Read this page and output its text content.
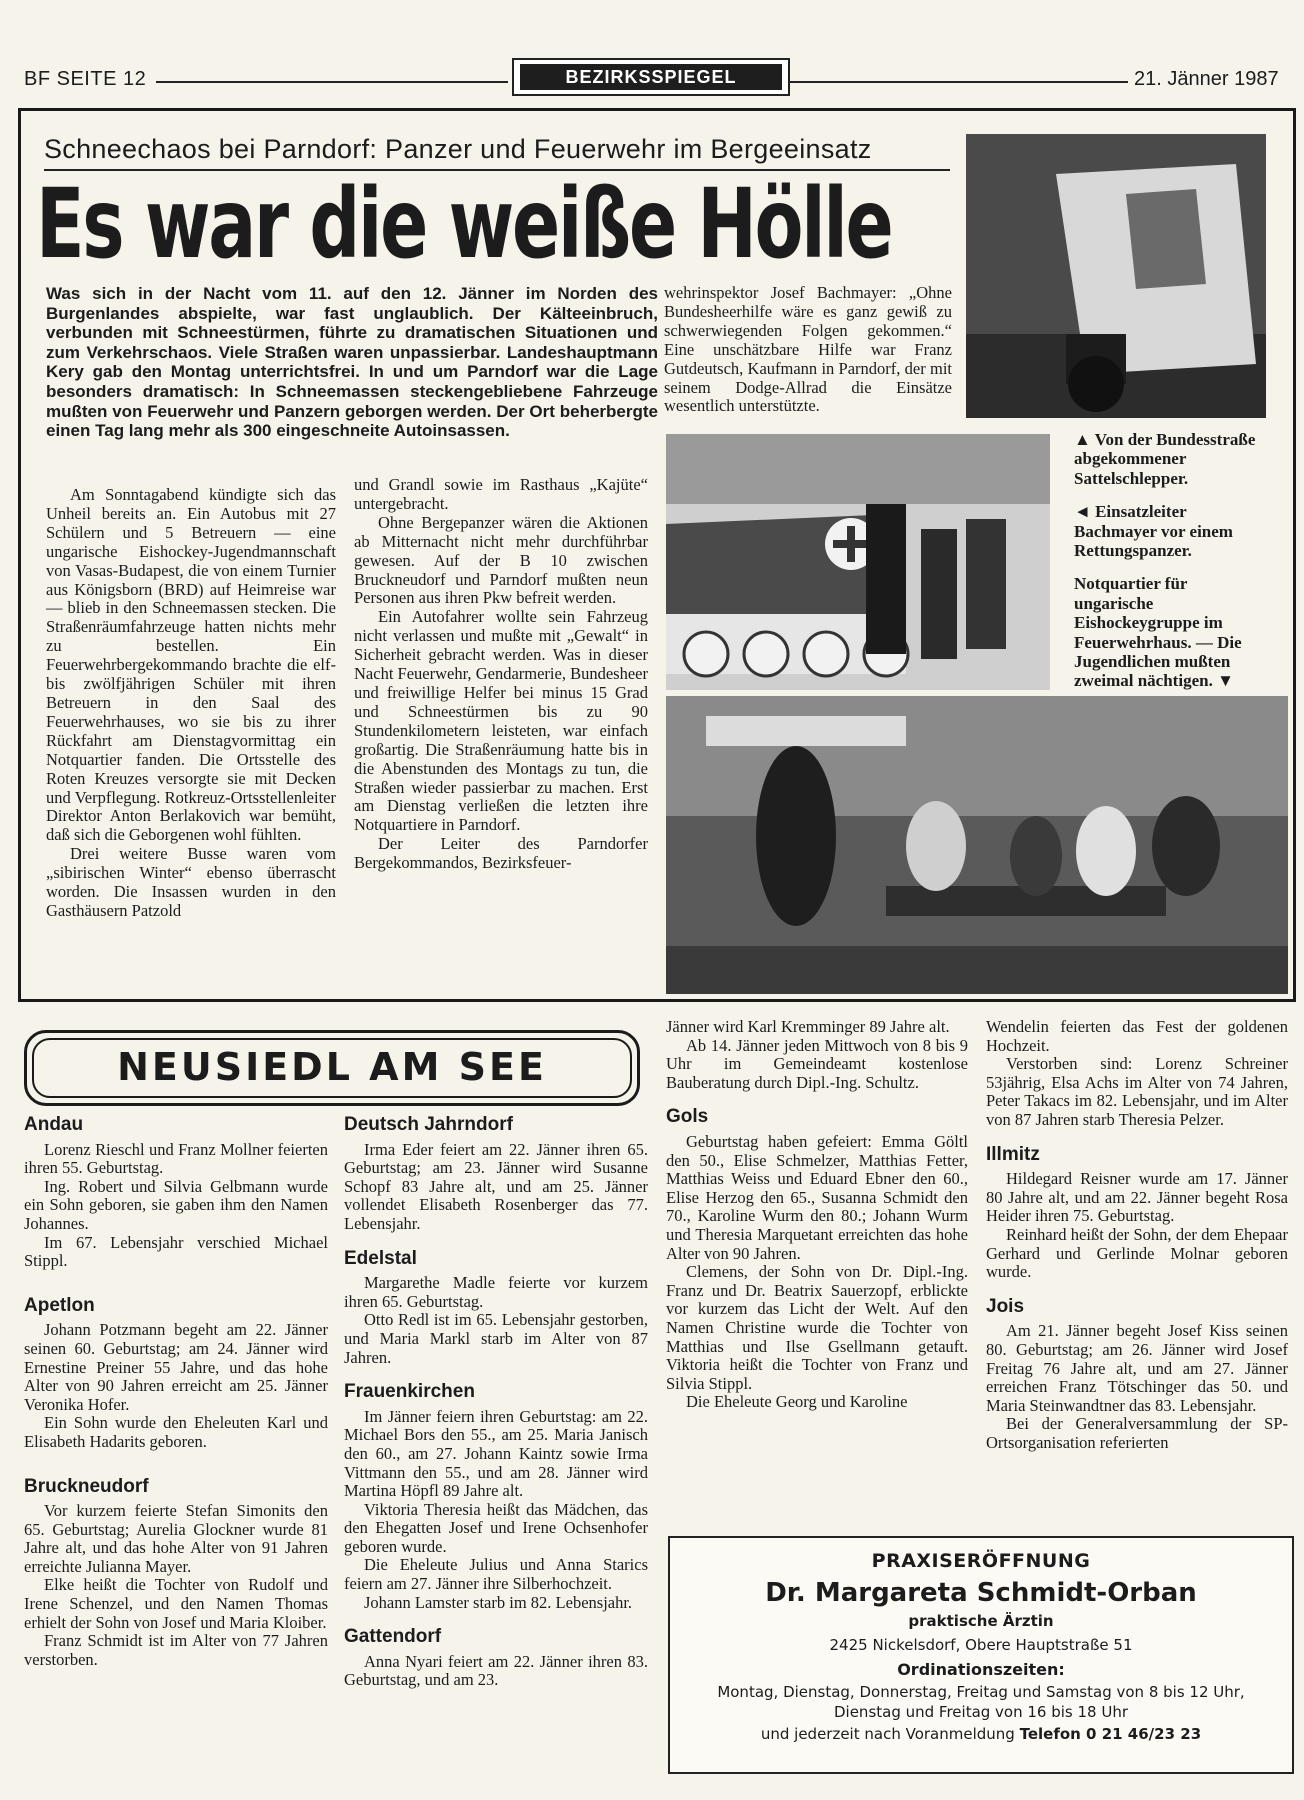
BF SEITE 12	BEZIRKSSPIEGEL	21. Jänner 1987
Schneechaos bei Parndorf: Panzer und Feuerwehr im Bergeeinsatz
Es war die weiße Hölle
Was sich in der Nacht vom 11. auf den 12. Jänner im Norden des Burgenlandes abspielte, war fast unglaublich. Der Kälteeinbruch, verbunden mit Schneestürmen, führte zu dramatischen Situationen und zum Verkehrschaos. Viele Straßen waren unpassierbar. Landeshauptmann Kery gab den Montag unterrichtsfrei. In und um Parndorf war die Lage besonders dramatisch: In Schneemassen steckengebliebene Fahrzeuge mußten von Feuerwehr und Panzern geborgen werden. Der Ort beherbergte einen Tag lang mehr als 300 eingeschneite Autoinsassen.

Am Sonntagabend kündigte sich das Unheil bereits an. Ein Autobus mit 27 Schülern und 5 Betreuern — eine ungarische Eishockey-Jugendmannschaft von Vasas-Budapest, die von einem Turnier aus Königsborn (BRD) auf Heimreise war — blieb in den Schneemassen stecken. Die Straßenräumfahrzeuge hatten nichts mehr zu bestellen. Ein Feuerwehrbergekommando brachte die elf- bis zwölfjährigen Schüler mit ihren Betreuern in den Saal des Feuerwehrhauses, wo sie bis zu ihrer Rückfahrt am Dienstagvormittag ein Notquartier fanden. Die Ortsstelle des Roten Kreuzes versorgte sie mit Decken und Verpflegung. Rotkreuz-Ortsstellenleiter Direktor Anton Berlakovich war bemüht, daß sich die Geborgenen wohl fühlten.

Drei weitere Busse waren vom „sibirischen Winter“ ebenso überrascht worden. Die Insassen wurden in den Gasthäusern Patzold

und Grandl sowie im Rasthaus „Kajüte“ untergebracht.

Ohne Bergepanzer wären die Aktionen ab Mitternacht nicht mehr durchführbar gewesen. Auf der B 10 zwischen Bruckneudorf und Parndorf mußten neun Personen aus ihren Pkw befreit werden.

Ein Autofahrer wollte sein Fahrzeug nicht verlassen und mußte mit „Gewalt“ in Sicherheit gebracht werden. Was in dieser Nacht Feuerwehr, Gendarmerie, Bundesheer und freiwillige Helfer bei minus 15 Grad und Schneestürmen bis zu 90 Stundenkilometern leisteten, war einfach großartig. Die Straßenräumung hatte bis in die Abenstunden des Montags zu tun, die Straßen wieder passierbar zu machen. Erst am Dienstag verließen die letzten ihre Notquartiere in Parndorf.

Der Leiter des Parndorfer Bergekommandos, Bezirksfeuer-

wehrinspektor Josef Bachmayer: „Ohne Bundesheerhilfe wäre es ganz gewiß zu schwerwiegenden Folgen gekommen.“ Eine unschätzbare Hilfe war Franz Gutdeutsch, Kaufmann in Parndorf, der mit seinem Dodge-Allrad die Einsätze wesentlich unterstützte.

▲ Von der Bundesstraße abgekommener Sattelschlepper.

◄ Einsatzleiter Bachmayer vor einem Rettungspanzer.

Notquartier für ungarische Eishockeygruppe im Feuerwehrhaus. — Die Jugendlichen mußten zweimal nächtigen. ▼

NEUSIEDL AM SEE
Andau

Lorenz Rieschl und Franz Mollner feierten ihren 55. Geburtstag.

Ing. Robert und Silvia Gelbmann wurde ein Sohn geboren, sie gaben ihm den Namen Johannes.

Im 67. Lebensjahr verschied Michael Stippl.

Apetlon

Johann Potzmann begeht am 22. Jänner seinen 60. Geburtstag; am 24. Jänner wird Ernestine Preiner 55 Jahre, und das hohe Alter von 90 Jahren erreicht am 25. Jänner Veronika Hofer.

Ein Sohn wurde den Eheleuten Karl und Elisabeth Hadarits geboren.

Bruckneudorf

Vor kurzem feierte Stefan Simonits den 65. Geburtstag; Aurelia Glockner wurde 81 Jahre alt, und das hohe Alter von 91 Jahren erreichte Julianna Mayer.

Elke heißt die Tochter von Rudolf und Irene Schenzel, und den Namen Thomas erhielt der Sohn von Josef und Maria Kloiber.

Franz Schmidt ist im Alter von 77 Jahren verstorben.

Deutsch Jahrndorf

Irma Eder feiert am 22. Jänner ihren 65. Geburtstag; am 23. Jänner wird Susanne Schopf 83 Jahre alt, und am 25. Jänner vollendet Elisabeth Rosenberger das 77. Lebensjahr.

Edelstal

Margarethe Madle feierte vor kurzem ihren 65. Geburtstag.

Otto Redl ist im 65. Lebensjahr gestorben, und Maria Markl starb im Alter von 87 Jahren.

Frauenkirchen

Im Jänner feiern ihren Geburtstag: am 22. Michael Bors den 55., am 25. Maria Janisch den 60., am 27. Johann Kaintz sowie Irma Vittmann den 55., und am 28. Jänner wird Martina Höpfl 89 Jahre alt.

Viktoria Theresia heißt das Mädchen, das den Ehegatten Josef und Irene Ochsenhofer geboren wurde.

Die Eheleute Julius und Anna Starics feiern am 27. Jänner ihre Silberhochzeit.

Johann Lamster starb im 82. Lebensjahr.

Gattendorf

Anna Nyari feiert am 22. Jänner ihren 83. Geburtstag, und am 23.

Jänner wird Karl Kremminger 89 Jahre alt.

Ab 14. Jänner jeden Mittwoch von 8 bis 9 Uhr im Gemeindeamt kostenlose Bauberatung durch Dipl.-Ing. Schultz.

Gols

Geburtstag haben gefeiert: Emma Göltl den 50., Elise Schmelzer, Matthias Fetter, Matthias Weiss und Eduard Ebner den 60., Elise Herzog den 65., Susanna Schmidt den 70., Karoline Wurm den 80.; Johann Wurm und Theresia Marquetant erreichten das hohe Alter von 90 Jahren.

Clemens, der Sohn von Dr. Dipl.-Ing. Franz und Dr. Beatrix Sauerzopf, erblickte vor kurzem das Licht der Welt. Auf den Namen Christine wurde die Tochter von Matthias und Ilse Gsellmann getauft. Viktoria heißt die Tochter von Franz und Silvia Stippl.

Die Eheleute Georg und Karoline

Wendelin feierten das Fest der goldenen Hochzeit.

Verstorben sind: Lorenz Schreiner 53jährig, Elsa Achs im Alter von 74 Jahren, Peter Takacs im 82. Lebensjahr, und im Alter von 87 Jahren starb Theresia Pelzer.

Illmitz

Hildegard Reisner wurde am 17. Jänner 80 Jahre alt, und am 22. Jänner begeht Rosa Heider ihren 75. Geburtstag.

Reinhard heißt der Sohn, der dem Ehepaar Gerhard und Gerlinde Molnar geboren wurde.

Jois

Am 21. Jänner begeht Josef Kiss seinen 80. Geburtstag; am 26. Jänner wird Josef Freitag 76 Jahre alt, und am 27. Jänner erreichen Franz Tötschinger das 50. und Maria Steinwandtner das 83. Lebensjahr.

Bei der Generalversammlung der SP-Ortsorganisation referierten

PRAXISERÖFFNUNG
Dr. Margareta Schmidt-Orban
praktische Ärztin
2425 Nickelsdorf, Obere Hauptstraße 51
Ordinationszeiten:
Montag, Dienstag, Donnerstag, Freitag und Samstag von 8 bis 12 Uhr,
Dienstag und Freitag von 16 bis 18 Uhr
und jederzeit nach Voranmeldung Telefon 0 21 46/23 23
